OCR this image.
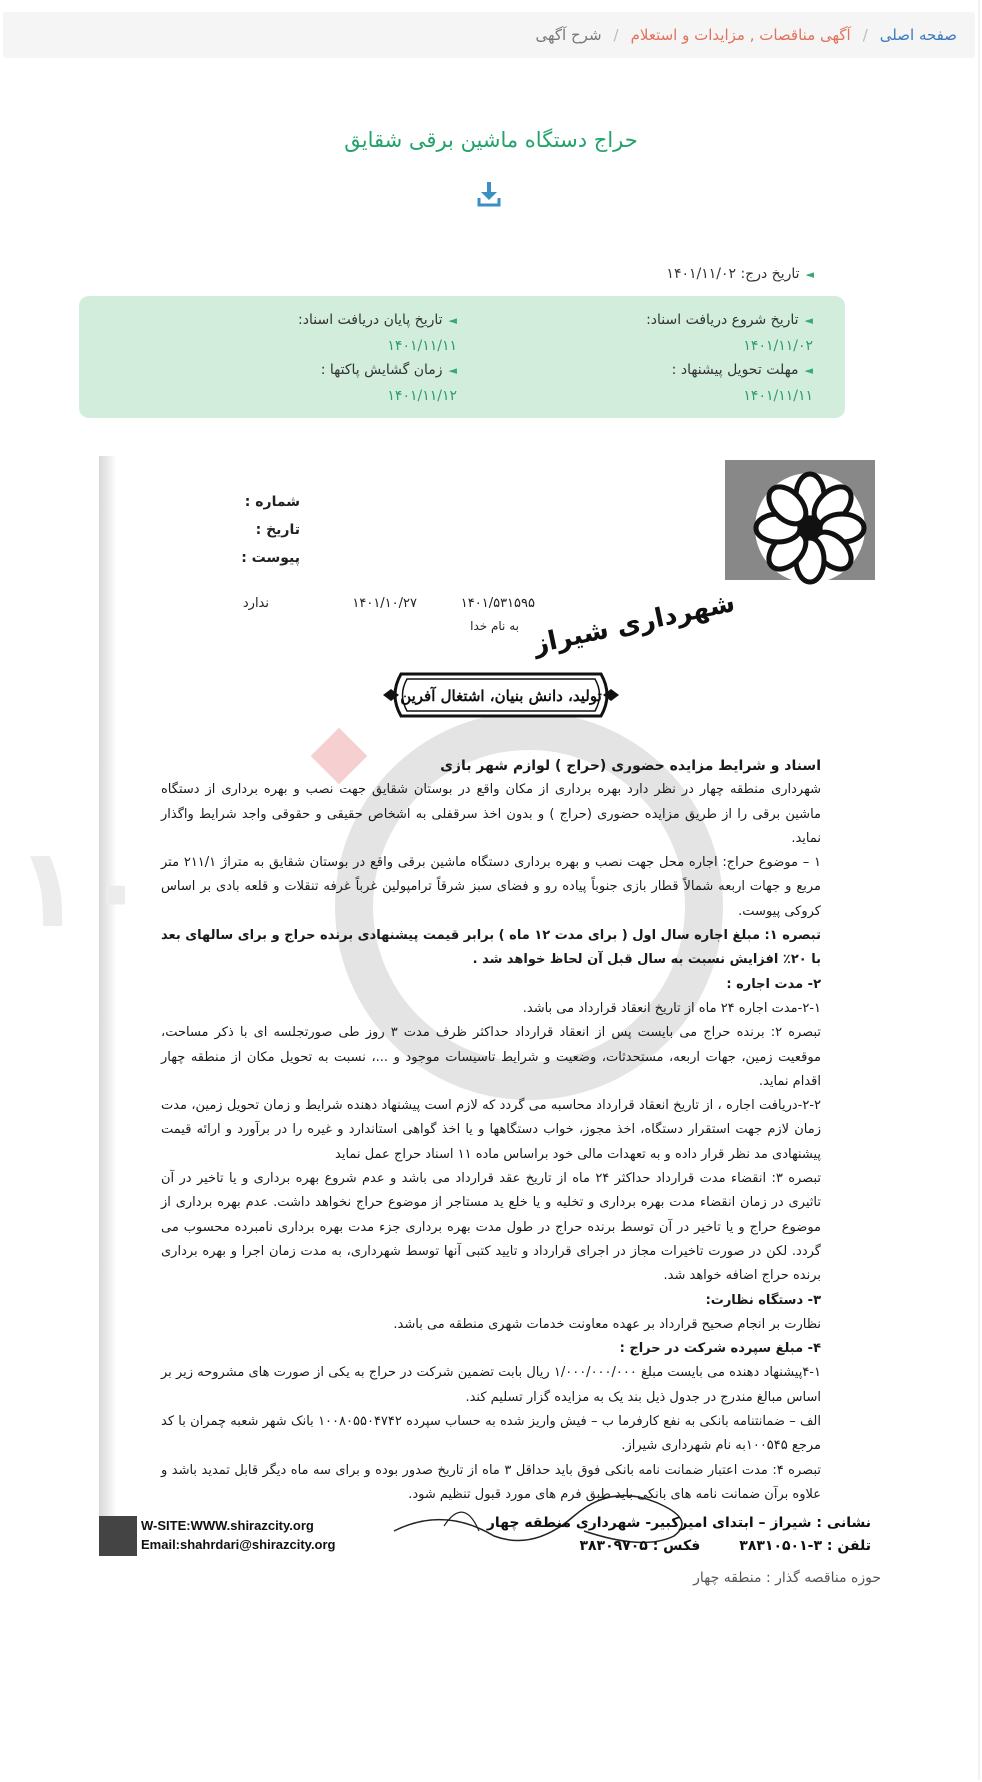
صفحه اصلی
/
آگهی مناقصات , مزایدات و استعلام
/
شرح آگهی
حراج دستگاه ماشین برقی شقایق
◄تاریخ درج: ۱۴۰۱/۱۱/۰۲
◄تاریخ شروع دریافت اسناد:
۱۴۰۱/۱۱/۰۲
◄تاریخ پایان دریافت اسناد:
۱۴۰۱/۱۱/۱۱
◄مهلت تحویل پیشنهاد :
۱۴۰۱/۱۱/۱۱
◄زمان گشایش پاکتها :
۱۴۰۱/۱۱/۱۲
۱۰
شهرداری شیراز
شماره :
تاریخ :
پیوست :
۱۴۰۱/۵۳۱۵۹۵
۱۴۰۱/۱۰/۲۷
ندارد
به نام خدا
تولید، دانش بنیان، اشتغال آفرین

اسناد و شرایط مزایده حضوری (حراج ) لوازم شهر بازی

شهرداری منطقه چهار در نظر دارد بهره برداری از مکان واقع در بوستان شقایق جهت نصب و بهره برداری از دستگاه ماشین برقی را از طریق مزایده حضوری (حراج ) و بدون اخذ سرقفلی به اشخاص حقیقی و حقوقی واجد شرایط واگذار نماید.

۱ – موضوع حراج: اجاره محل جهت نصب و بهره برداری دستگاه ماشین برقی واقع در بوستان شقایق به متراژ ۲۱۱/۱ متر مربع و جهات اربعه شمالاً قطار بازی جنوباً پیاده رو و فضای سبز شرقاً ترامپولین غرباً غرفه تنقلات و قلعه بادی بر اساس کروکی پیوست.

تبصره ۱: مبلغ اجاره سال اول ( برای مدت ۱۲ ماه ) برابر قیمت پیشنهادی برنده حراج و برای سالهای بعد با ۲۰٪ افزایش نسبت به سال قبل آن لحاظ خواهد شد .

۲- مدت اجاره :

۲-۱-مدت اجاره ۲۴ ماه از تاریخ انعقاد قرارداد می باشد.

تبصره ۲: برنده حراج می بایست پس از انعقاد قرارداد حداکثر ظرف مدت ۳ روز طی صورتجلسه ای با ذکر مساحت، موقعیت زمین، جهات اربعه، مستحدثات، وضعیت و شرایط تاسیسات موجود و ...، نسبت به تحویل مکان از منطقه چهار اقدام نماید.

۲-۲-دریافت اجاره ، از تاریخ انعقاد قرارداد محاسبه می گردد که لازم است پیشنهاد دهنده شرایط و زمان تحویل زمین، مدت زمان لازم جهت استقرار دستگاه، اخذ مجوز، خواب دستگاهها و یا اخذ گواهی استاندارد و غیره را در برآورد و ارائه قیمت پیشنهادی مد نظر قرار داده و به تعهدات مالی خود براساس ماده ۱۱ اسناد حراج عمل نماید

تبصره ۳: انقضاء مدت قرارداد حداکثر ۲۴ ماه از تاریخ عقد قرارداد می باشد و عدم شروع بهره برداری و یا تاخیر در آن تاثیری در زمان انقضاء مدت بهره برداری و تخلیه و یا خلع ید مستاجر از موضوع حراج نخواهد داشت. عدم بهره برداری از موضوع حراج و یا تاخیر در آن توسط برنده حراج در طول مدت بهره برداری جزء مدت بهره برداری نامبرده محسوب می گردد. لکن در صورت تاخیرات مجاز در اجرای قرارداد و تایید کتبی آنها توسط شهرداری، به مدت زمان اجرا و بهره برداری برنده حراج اضافه خواهد شد.

۳- دستگاه نظارت:

نظارت بر انجام صحیح قرارداد بر عهده معاونت خدمات شهری منطقه می باشد.

۴- مبلغ سپرده شرکت در حراج :

۴-۱پیشنهاد دهنده می بایست مبلغ ۱/۰۰۰/۰۰۰/۰۰۰ ریال بابت تضمین شرکت در حراج به یکی از صورت های مشروحه زیر بر اساس مبالغ مندرج در جدول ذیل بند یک به مزایده گزار تسلیم کند.

الف – ضمانتنامه بانکی به نفع کارفرما ب – فیش واریز شده به حساب سپرده ۱۰۰۸۰۵۵۰۴۷۴۲ بانک شهر شعبه چمران با کد مرجع ۱۰۰۵۴۵به نام شهرداری شیراز.

تبصره ۴: مدت اعتبار ضمانت نامه بانکی فوق باید حداقل ۳ ماه از تاریخ صدور بوده و برای سه ماه دیگر قابل تمدید باشد و علاوه برآن ضمانت نامه های بانکی باید طبق فرم های مورد قبول تنظیم شود.

W-SITE:WWW.shirazcity.org
Email:shahrdari@shirazcity.org
نشانی : شیراز – ابتدای امیرکبیر- شهرداری منطقه چهار
تلفن : ۳-۳۸۳۱۰۵۰۱        فکس : ۳۸۳۰۹۷۰۵
حوزه مناقصه گذار : منطقه چهار
